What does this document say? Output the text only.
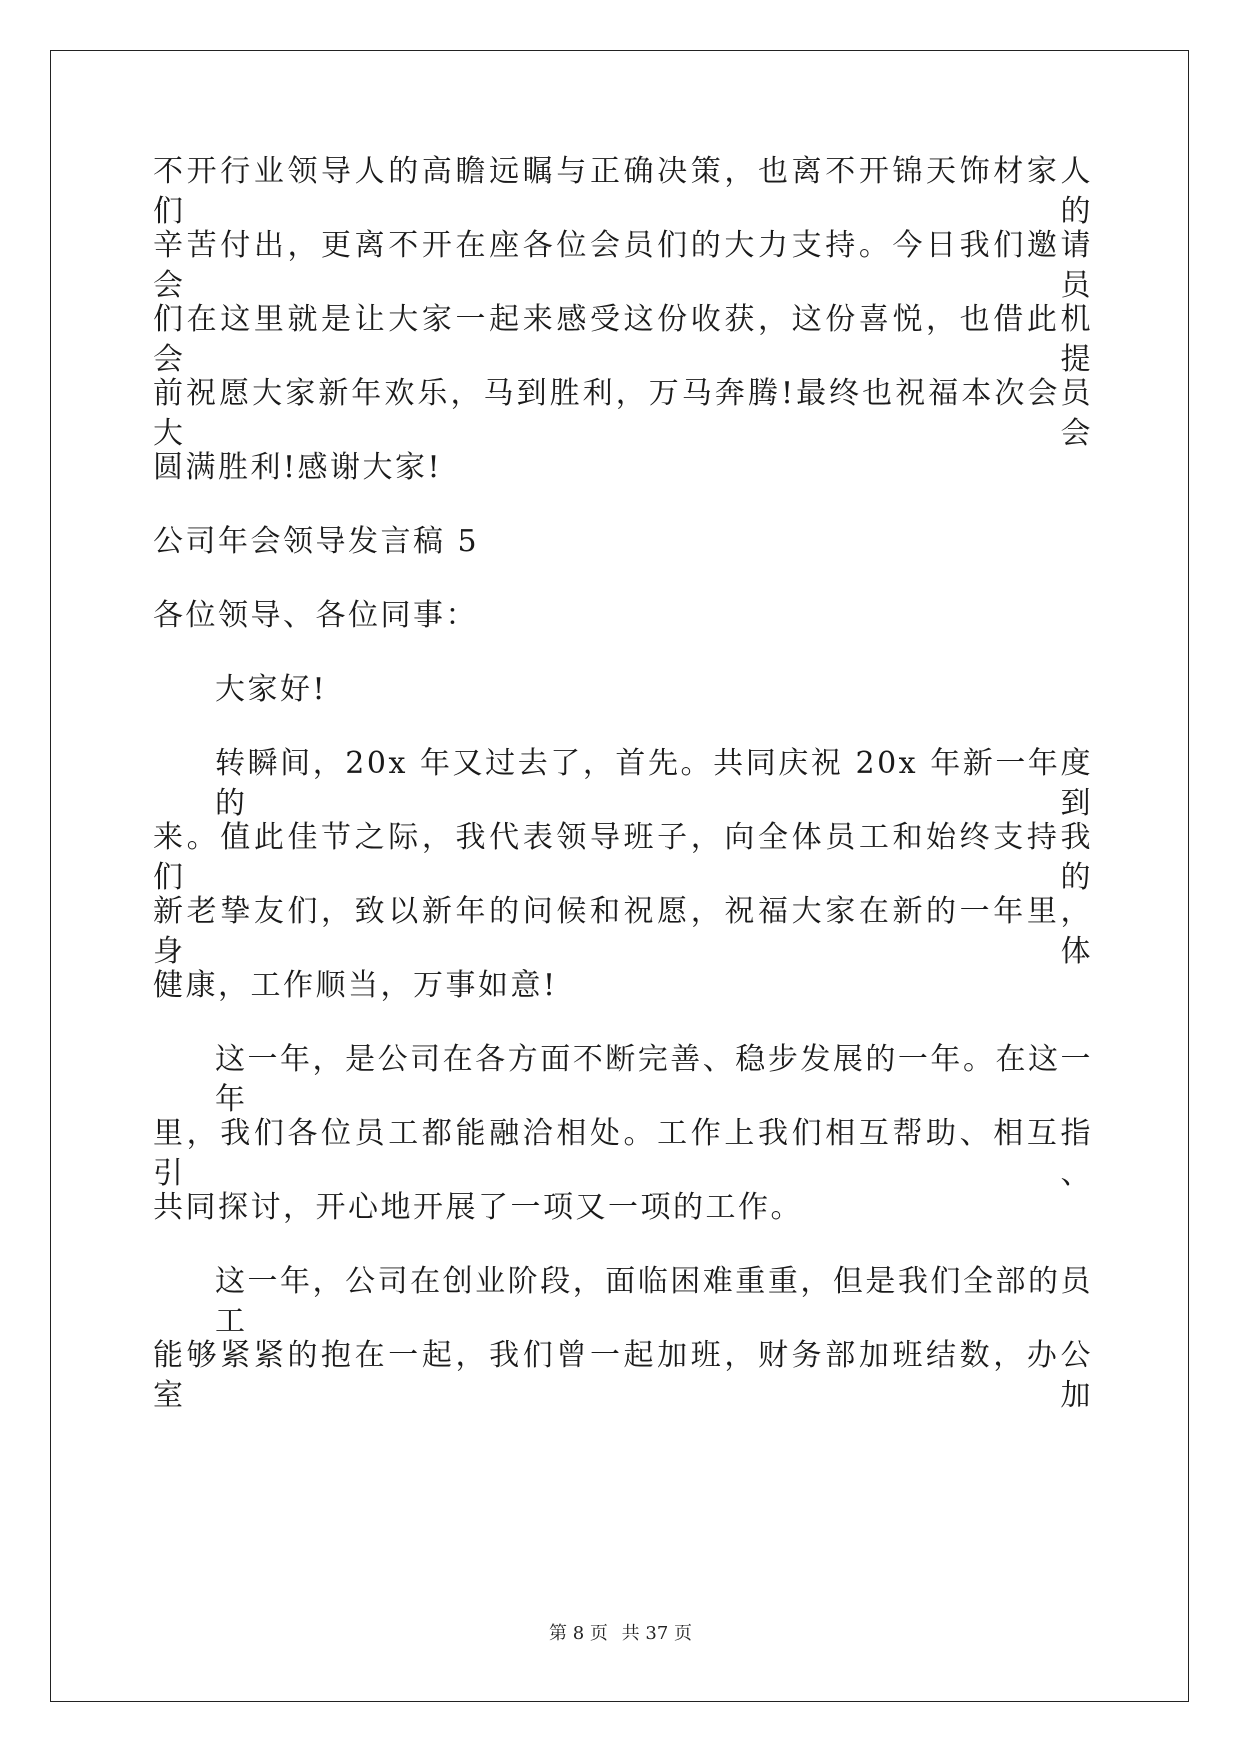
不开行业领导人的高瞻远瞩与正确决策，也离不开锦天饰材家人们的
辛苦付出，更离不开在座各位会员们的大力支持。今日我们邀请会员
们在这里就是让大家一起来感受这份收获，这份喜悦，也借此机会提
前祝愿大家新年欢乐，马到胜利，万马奔腾!最终也祝福本次会员大会
圆满胜利!感谢大家!
公司年会领导发言稿 5
各位领导、各位同事：
大家好!
转瞬间，20x 年又过去了，首先。共同庆祝 20x 年新一年度的到
来。值此佳节之际，我代表领导班子，向全体员工和始终支持我们的
新老挚友们，致以新年的问候和祝愿，祝福大家在新的一年里，身体
健康，工作顺当，万事如意!
这一年，是公司在各方面不断完善、稳步发展的一年。在这一年
里，我们各位员工都能融洽相处。工作上我们相互帮助、相互指引、
共同探讨，开心地开展了一项又一项的工作。
这一年，公司在创业阶段，面临困难重重，但是我们全部的员工
能够紧紧的抱在一起，我们曾一起加班，财务部加班结数，办公室加
第 8 页 共 37 页
